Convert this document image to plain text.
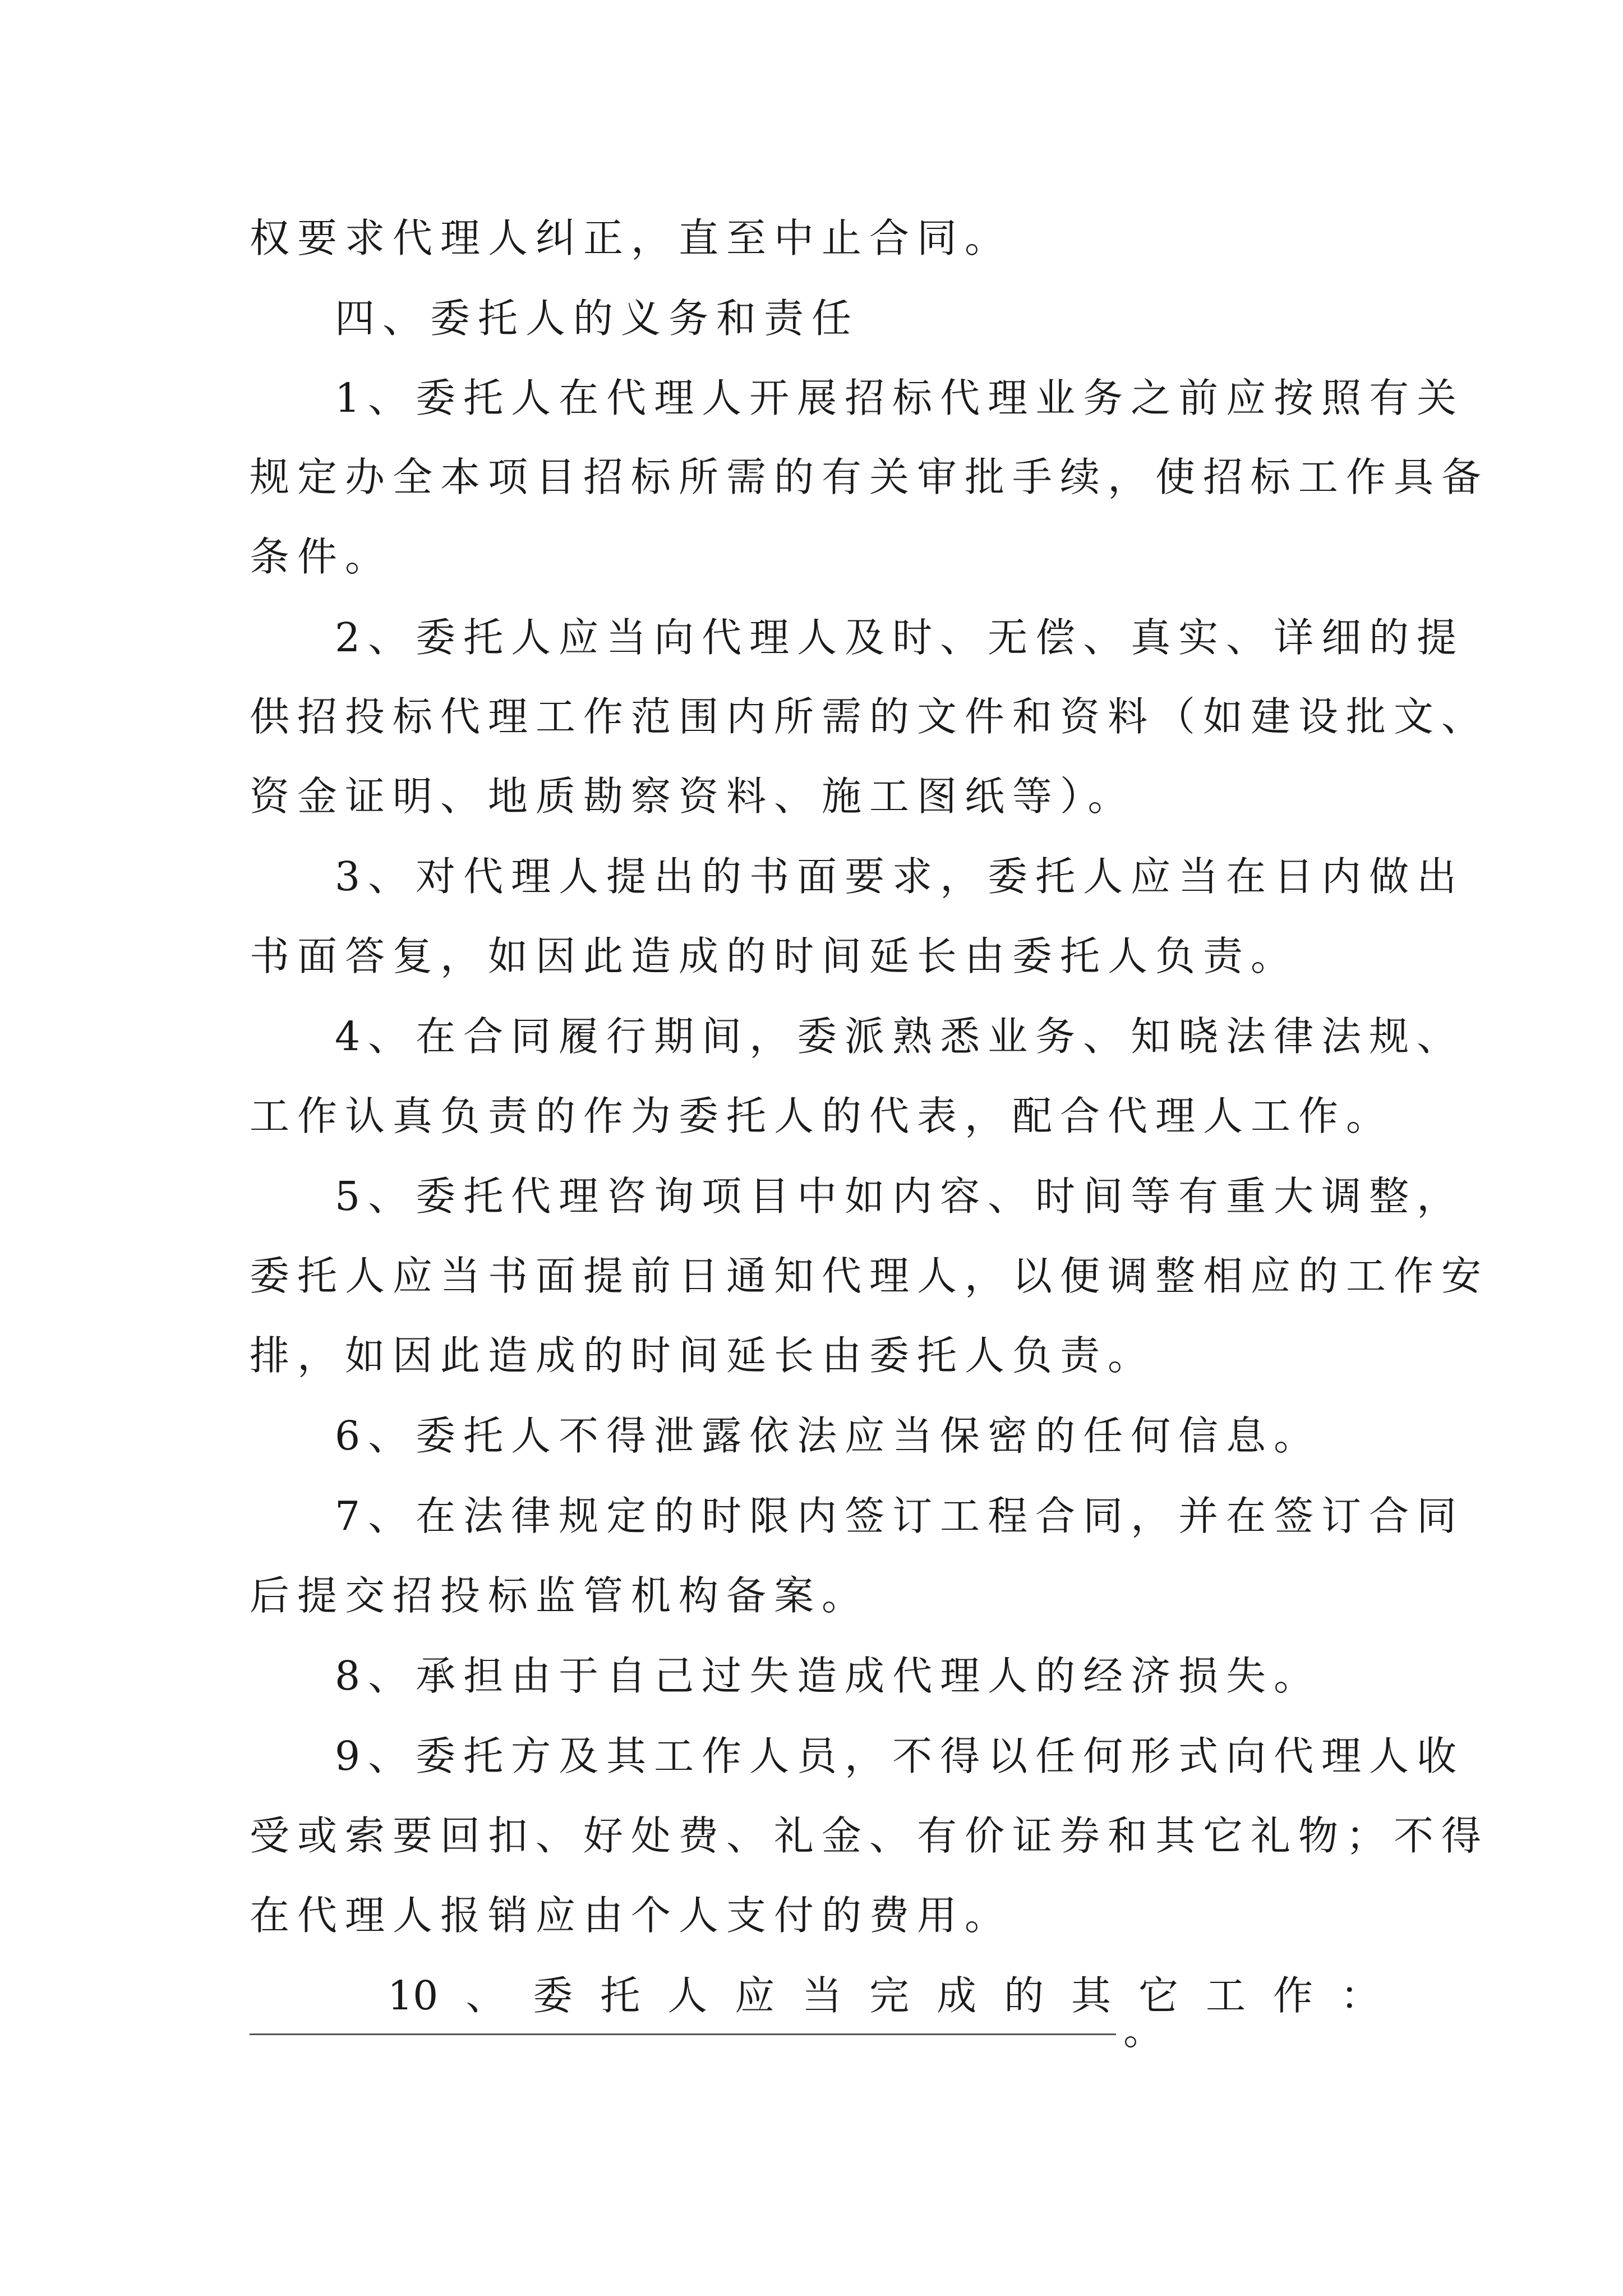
权要求代理人纠正，直至中止合同。
四、委托人的义务和责任
1、委托人在代理人开展招标代理业务之前应按照有关
规定办全本项目招标所需的有关审批手续，使招标工作具备
条件。
2、委托人应当向代理人及时、无偿、真实、详细的提
供招投标代理工作范围内所需的文件和资料（如建设批文、
资金证明、地质勘察资料、施工图纸等）。
3、对代理人提出的书面要求，委托人应当在日内做出
书面答复，如因此造成的时间延长由委托人负责。
4、在合同履行期间，委派熟悉业务、知晓法律法规、
工作认真负责的作为委托人的代表，配合代理人工作。
5、委托代理咨询项目中如内容、时间等有重大调整，
委托人应当书面提前日通知代理人，以便调整相应的工作安
排，如因此造成的时间延长由委托人负责。
6、委托人不得泄露依法应当保密的任何信息。
7、在法律规定的时限内签订工程合同，并在签订合同
后提交招投标监管机构备案。
8、承担由于自己过失造成代理人的经济损失。
9、委托方及其工作人员，不得以任何形式向代理人收
受或索要回扣、好处费、礼金、有价证券和其它礼物；不得
在代理人报销应由个人支付的费用。
10 、 委 托 人 应 当 完 成 的 其 它 工 作 ：
。
